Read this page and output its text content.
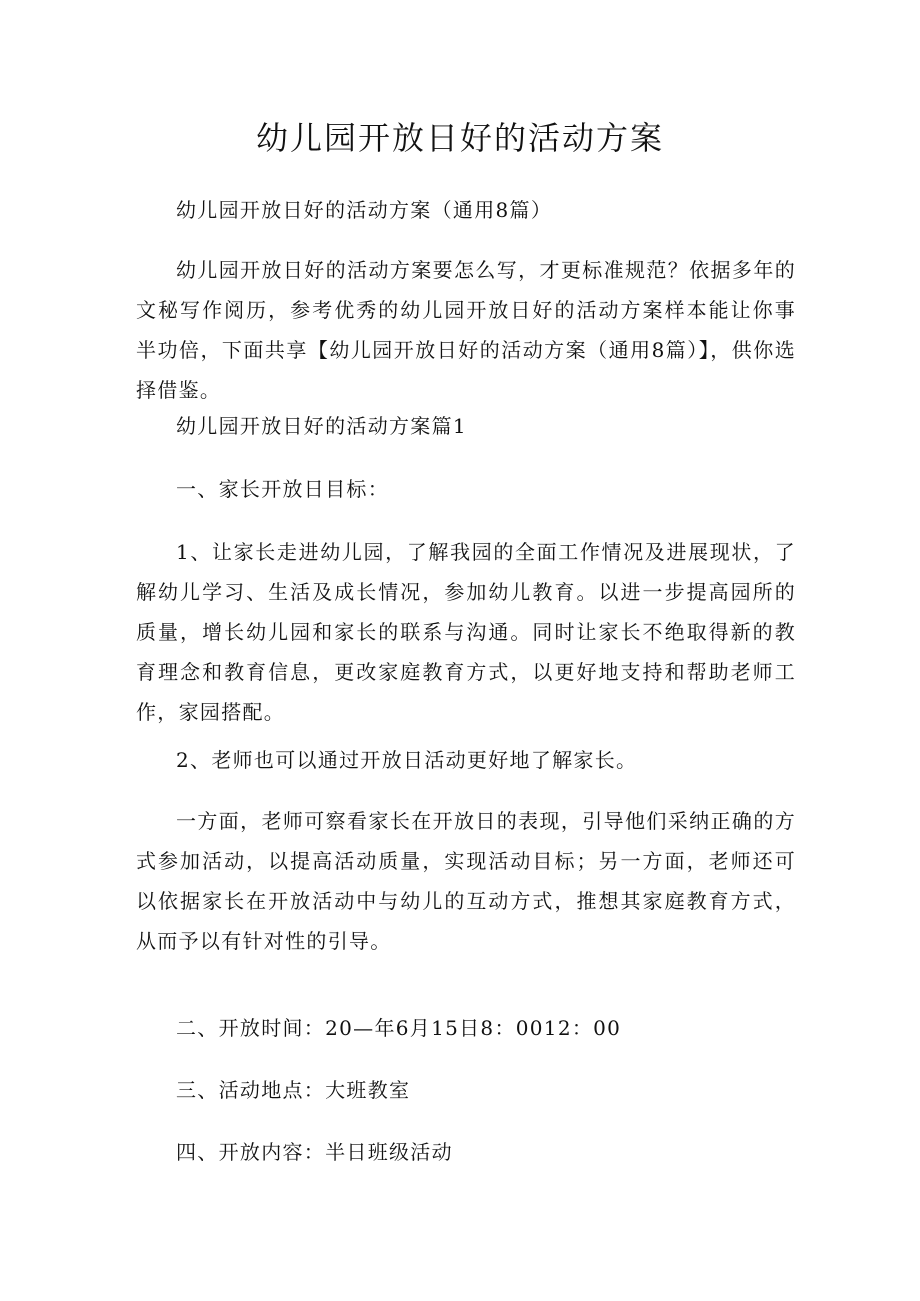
幼儿园开放日好的活动方案

幼儿园开放日好的活动方案（通用8篇）

幼儿园开放日好的活动方案要怎么写，才更标准规范？依据多年的文秘写作阅历，参考优秀的幼儿园开放日好的活动方案样本能让你事半功倍，下面共享【幼儿园开放日好的活动方案（通用8篇）】，供你选择借鉴。

幼儿园开放日好的活动方案篇1

一、家长开放日目标：

1、让家长走进幼儿园，了解我园的全面工作情况及进展现状，了解幼儿学习、生活及成长情况，参加幼儿教育。以进一步提高园所的质量，增长幼儿园和家长的联系与沟通。同时让家长不绝取得新的教育理念和教育信息，更改家庭教育方式，以更好地支持和帮助老师工作，家园搭配。

2、老师也可以通过开放日活动更好地了解家长。

一方面，老师可察看家长在开放日的表现，引导他们采纳正确的方式参加活动，以提高活动质量，实现活动目标；另一方面，老师还可以依据家长在开放活动中与幼儿的互动方式，推想其家庭教育方式，从而予以有针对性的引导。

二、开放时间：20—年6月15日8：0012：00

三、活动地点：大班教室

四、开放内容：半日班级活动
